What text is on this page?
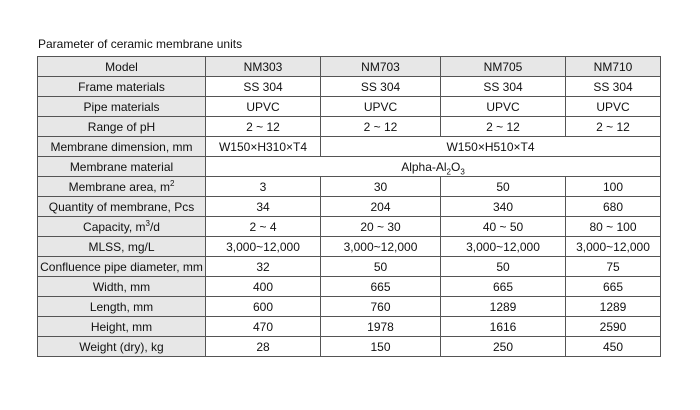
Parameter of ceramic membrane units
Model	NM303	NM703	NM705	NM710
Frame materials	SS 304	SS 304	SS 304	SS 304
Pipe materials	UPVC	UPVC	UPVC	UPVC
Range of pH	2 ~ 12	2 ~ 12	2 ~ 12	2 ~ 12
Membrane dimension, mm	W150×H310×T4	W150×H510×T4		
Membrane material	Alpha-$Al_2O_3$
Membrane area, $m^2$	3	30	50	100
Quantity of membrane, Pcs	34	204	340	680
Capacity, $m^3/d$	2 ~ 4	20 ~ 30	40 ~ 50	80 ~ 100
MLSS, mg/L	3,000~12,000	3,000~12,000	3,000~12,000	3,000~12,000
Confluence pipe diameter, mm	32	50	50	75
Width, mm	400	665	665	665
Length, mm	600	760	1289	1289
Height, mm	470	1978	1616	2590
Weight (dry), kg	28	150	250	450
